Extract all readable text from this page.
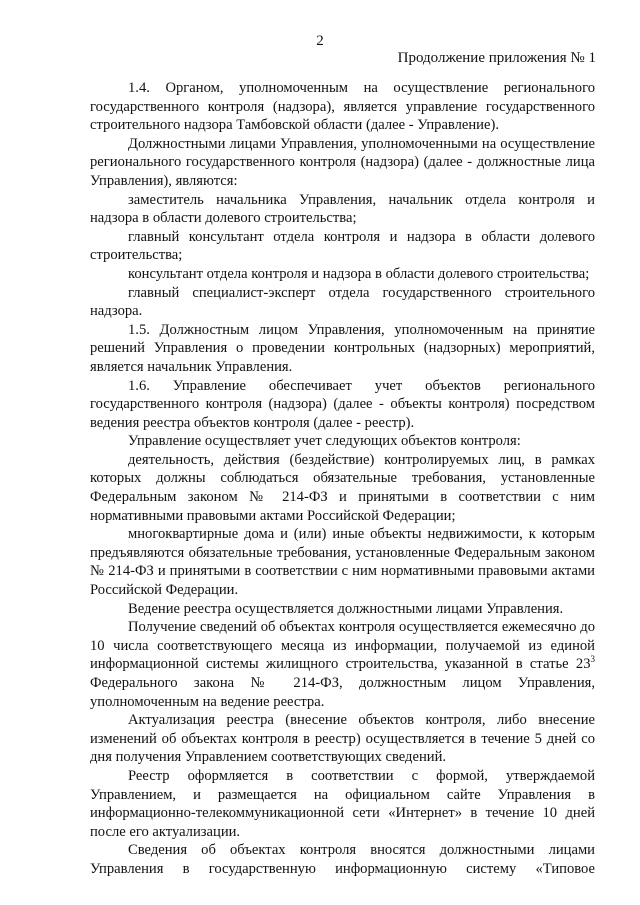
2
Продолжение приложения № 1

1.4. Органом, уполномоченным на осуществление регионального государственного контроля (надзора), является управление государственного строительного надзора Тамбовской области (далее - Управление).

Должностными лицами Управления, уполномоченными на осуществление регионального государственного контроля (надзора) (далее - должностные лица Управления), являются:

заместитель начальника Управления, начальник отдела контроля и надзора в области долевого строительства;

главный консультант отдела контроля и надзора в области долевого строительства;

консультант отдела контроля и надзора в области долевого строительства;

главный специалист-эксперт отдела государственного строительного надзора.

1.5. Должностным лицом Управления, уполномоченным на принятие решений Управления о проведении контрольных (надзорных) мероприятий, является начальник Управления.

1.6. Управление обеспечивает учет объектов регионального государственного контроля (надзора) (далее - объекты контроля) посредством ведения реестра объектов контроля (далее - реестр).

Управление осуществляет учет следующих объектов контроля:

деятельность, действия (бездействие) контролируемых лиц, в рамках которых должны соблюдаться обязательные требования, установленные Федеральным законом № 214-ФЗ и принятыми в соответствии с ним нормативными правовыми актами Российской Федерации;

многоквартирные дома и (или) иные объекты недвижимости, к которым предъявляются обязательные требования, установленные Федеральным законом № 214-ФЗ и принятыми в соответствии с ним нормативными правовыми актами Российской Федерации.

Ведение реестра осуществляется должностными лицами Управления.

Получение сведений об объектах контроля осуществляется ежемесячно до 10 числа соответствующего месяца из информации, получаемой из единой информационной системы жилищного строительства, указанной в статье $23^3$ Федерального закона № 214-ФЗ, должностным лицом Управления, уполномоченным на ведение реестра.

Актуализация реестра (внесение объектов контроля, либо внесение изменений об объектах контроля в реестр) осуществляется в течение 5 дней со дня получения Управлением соответствующих сведений.

Реестр оформляется в соответствии с формой, утверждаемой Управлением, и размещается на официальном сайте Управления в информационно-телекоммуникационной сети «Интернет» в течение 10 дней после его актуализации.

Сведения об объектах контроля вносятся должностными лицами Управления в государственную информационную систему «Типовое
